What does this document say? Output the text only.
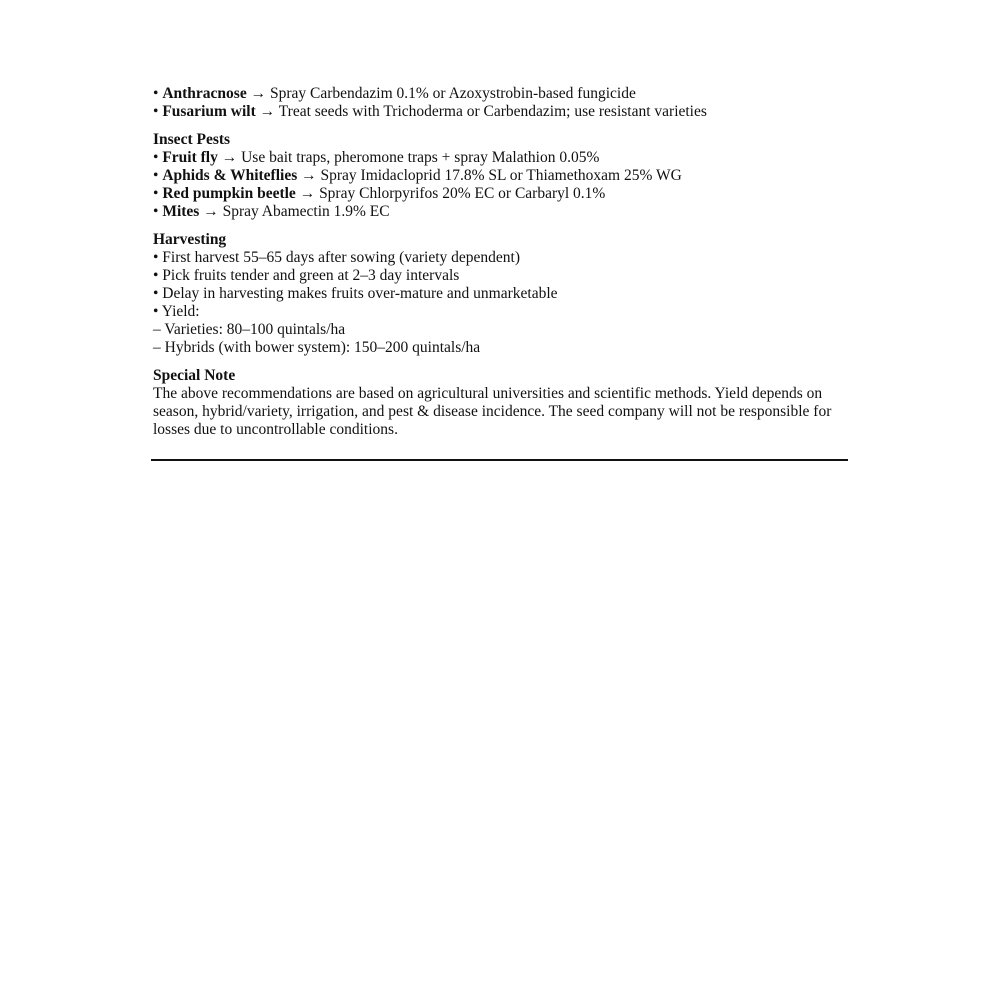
• Anthracnose → Spray Carbendazim 0.1% or Azoxystrobin-based fungicide
• Fusarium wilt → Treat seeds with Trichoderma or Carbendazim; use resistant varieties
Insect Pests
• Fruit fly → Use bait traps, pheromone traps + spray Malathion 0.05%
• Aphids & Whiteflies → Spray Imidacloprid 17.8% SL or Thiamethoxam 25% WG
• Red pumpkin beetle → Spray Chlorpyrifos 20% EC or Carbaryl 0.1%
• Mites → Spray Abamectin 1.9% EC
Harvesting
• First harvest 55–65 days after sowing (variety dependent)
• Pick fruits tender and green at 2–3 day intervals
• Delay in harvesting makes fruits over-mature and unmarketable
• Yield:
– Varieties: 80–100 quintals/ha
– Hybrids (with bower system): 150–200 quintals/ha
Special Note
The above recommendations are based on agricultural universities and scientific methods. Yield depends on season, hybrid/variety, irrigation, and pest & disease incidence. The seed company will not be responsible for losses due to uncontrollable conditions.
